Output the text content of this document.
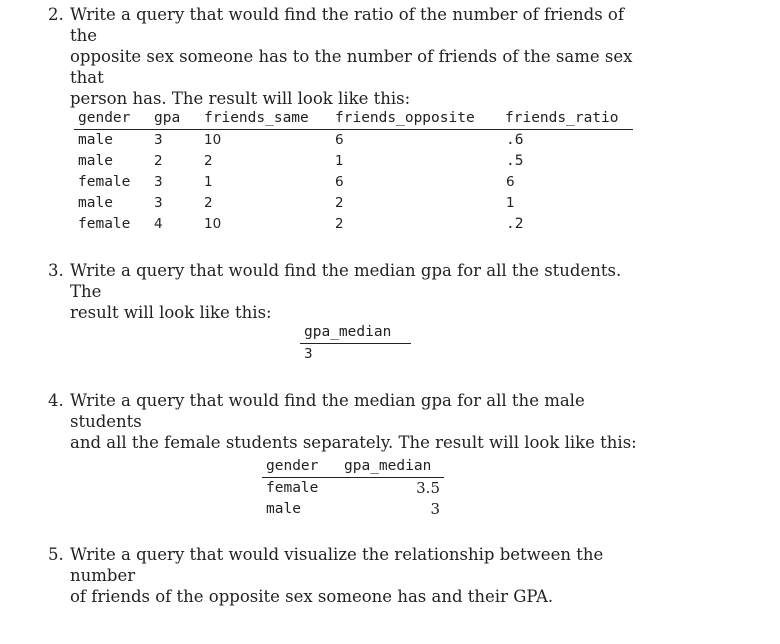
2. Write a query that would find the ratio of the number of friends of the
opposite sex someone has to the number of friends of the same sex that
person has. The result will look like this:
gender	gpa	friends_same	friends_opposite	friends_ratio
male	3	10	6	.6
male	2	2	1	.5
female	3	1	6	6
male	3	2	2	1
female	4	10	2	.2
3. Write a query that would find the median gpa for all the students. The
result will look like this:
gpa_median
3
4. Write a query that would find the median gpa for all the male students
and all the female students separately. The result will look like this:
gender	gpa_median
female	3.5
male	3
5. Write a query that would visualize the relationship between the number
of friends of the opposite sex someone has and their GPA.
